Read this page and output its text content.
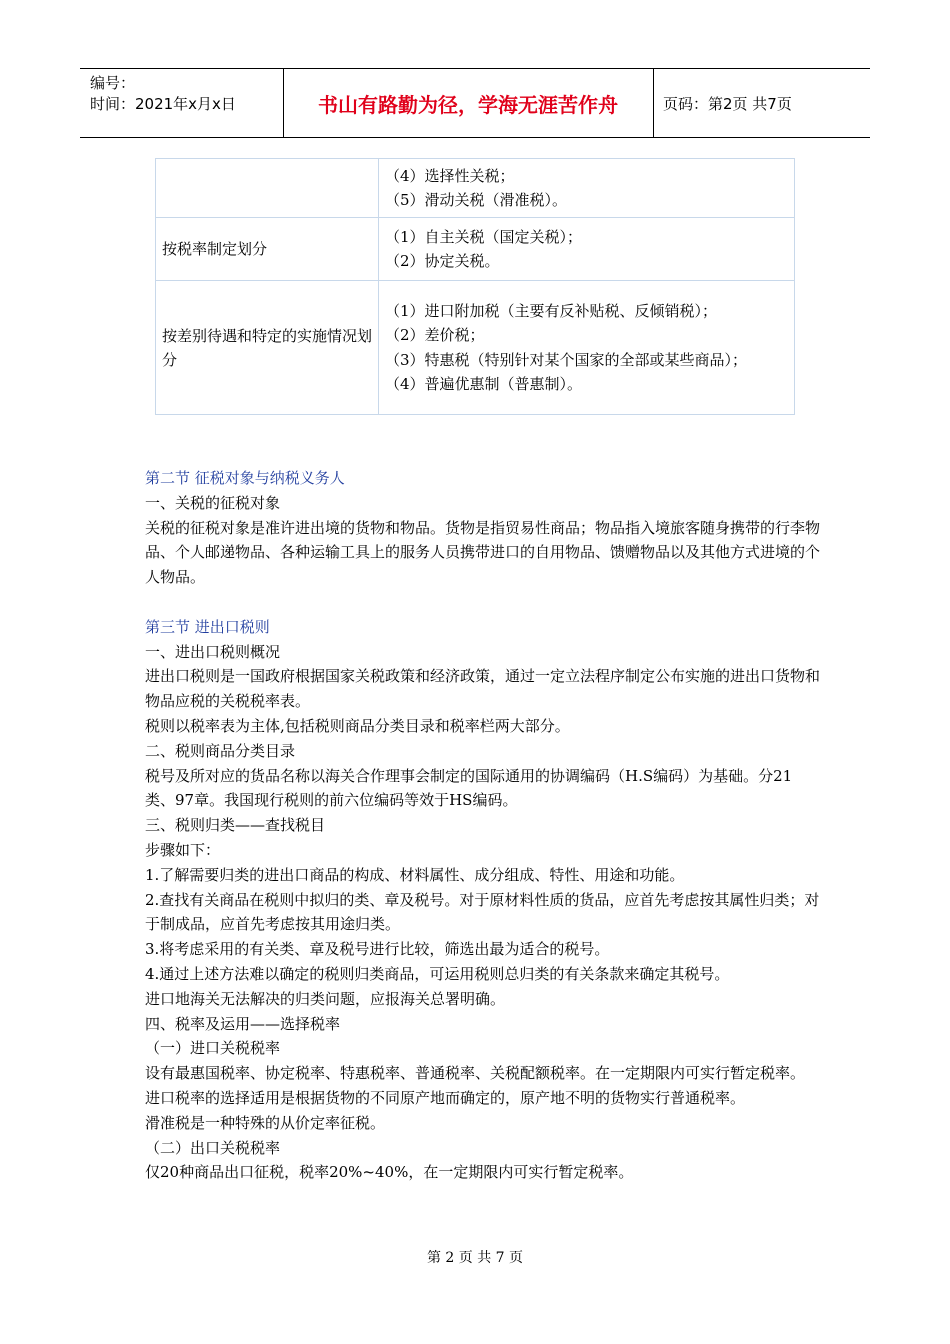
编号：
时间：2021年x月x日	书山有路勤为径，学海无涯苦作舟	页码：第2页 共7页

	（4）选择性关税；
（5）滑动关税（滑准税）。

按税率制定划分	（1）自主关税（国定关税）；
（2）协定关税。

按差别待遇和特定的实施情况划分	（1）进口附加税（主要有反补贴税、反倾销税）；
（2）差价税；
（3）特惠税（特别针对某个国家的全部或某些商品）；
（4）普遍优惠制（普惠制）。

第二节 征税对象与纳税义务人

一、关税的征税对象

关税的征税对象是准许进出境的货物和物品。货物是指贸易性商品；物品指入境旅客随身携带的行李物品、个人邮递物品、各种运输工具上的服务人员携带进口的自用物品、馈赠物品以及其他方式进境的个人物品。

第三节 进出口税则

一、进出口税则概况

进出口税则是一国政府根据国家关税政策和经济政策，通过一定立法程序制定公布实施的进出口货物和物品应税的关税税率表。

税则以税率表为主体,包括税则商品分类目录和税率栏两大部分。

二、税则商品分类目录

税号及所对应的货品名称以海关合作理事会制定的国际通用的协调编码（H.S编码）为基础。分21类、97章。我国现行税则的前六位编码等效于HS编码。

三、税则归类——查找税目

步骤如下：

1.了解需要归类的进出口商品的构成、材料属性、成分组成、特性、用途和功能。

2.查找有关商品在税则中拟归的类、章及税号。对于原材料性质的货品，应首先考虑按其属性归类；对于制成品，应首先考虑按其用途归类。

3.将考虑采用的有关类、章及税号进行比较，筛选出最为适合的税号。

4.通过上述方法难以确定的税则归类商品，可运用税则总归类的有关条款来确定其税号。

进口地海关无法解决的归类问题，应报海关总署明确。

四、税率及运用——选择税率

（一）进口关税税率

设有最惠国税率、协定税率、特惠税率、普通税率、关税配额税率。在一定期限内可实行暂定税率。

进口税率的选择适用是根据货物的不同原产地而确定的，原产地不明的货物实行普通税率。

滑准税是一种特殊的从价定率征税。

（二）出口关税税率

仅20种商品出口征税，税率20%~40%，在一定期限内可实行暂定税率。

第 2 页 共 7 页
